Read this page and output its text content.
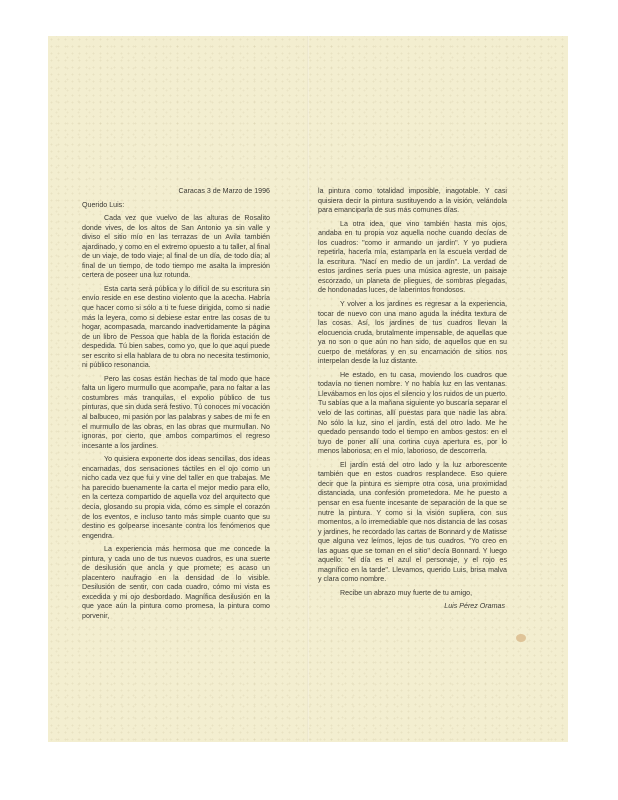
Caracas 3 de Marzo de 1996

Querido Luis:

Cada vez que vuelvo de las alturas de Rosalito donde vives, de los altos de San Antonio ya sin valle y diviso el sitio mío en las terrazas de un Avila también ajardinado, y como en el extremo opuesto a tu taller, al final de un viaje, de todo viaje; al final de un día, de todo día; al final de un tiempo, de todo tiempo me asalta la impresión certera de poseer una luz rotunda.

Esta carta será pública y lo difícil de su escritura sin envío reside en ese destino violento que la acecha. Habría que hacer como si sólo a ti te fuese dirigida, como si nadie más la leyera, como si debiese estar entre las cosas de tu hogar, acompasada, marcando inadvertidamente la página de un libro de Pessoa que habla de la florida estación de despedida. Tú bien sabes, como yo, que lo que aquí puede ser escrito si ella hablara de tu obra no necesita testimonio, ni público resonancia.

Pero las cosas están hechas de tal modo que hace falta un ligero murmullo que acompañe, para no faltar a las costumbres más tranquilas, el expolio público de tus pinturas, que sin duda será festivo. Tú conoces mi vocación al balbuceo, mi pasión por las palabras y sabes de mi fe en el murmullo de las obras, en las obras que murmullan. No ignoras, por cierto, que ambos compartimos el regreso incesante a los jardines.

Yo quisiera exponerte dos ideas sencillas, dos ideas encarnadas, dos sensaciones táctiles en el ojo como un nicho cada vez que fui y vine del taller en que trabajas. Me ha parecido buenamente la carta el mejor medio para ello, en la certeza compartido de aquella voz del arquitecto que decía, glosando su propia vida, cómo es simple el corazón de los eventos, e incluso tanto más simple cuanto que su destino es golpearse incesante contra los fenómenos que engendra.

La experiencia más hermosa que me concede la pintura, y cada uno de tus nuevos cuadros, es una suerte de desilusión que ancla y que promete; es acaso un placentero naufragio en la densidad de lo visible. Desilusión de sentir, con cada cuadro, cómo mi vista es excedida y mi ojo desbordado. Magnífica desilusión en la que yace aún la pintura como promesa, la pintura como porvenir,

la pintura como totalidad imposible, inagotable. Y casi quisiera decir la pintura sustituyendo a la visión, velándola para emanciparla de sus más comunes días.

La otra idea, que vino también hasta mis ojos, andaba en tu propia voz aquella noche cuando decías de los cuadros: "como ir armando un jardín". Y yo pudiera repetirla, hacerla mía, estamparla en la escuela verdad de la escritura. "Nací en medio de un jardín". La verdad de estos jardines sería pues una música agreste, un paisaje escorzado, un planeta de pliegues, de sombras plegadas, de hondonadas luces, de laberintos frondosos.

Y volver a los jardines es regresar a la experiencia, tocar de nuevo con una mano aguda la inédita textura de las cosas. Así, los jardines de tus cuadros llevan la elocuencia cruda, brutalmente impensable, de aquellas que ya no son o que aún no han sido, de aquellos que en su cuerpo de metáforas y en su encarnación de sitios nos interpelan desde la luz distante.

He estado, en tu casa, moviendo los cuadros que todavía no tienen nombre. Y no había luz en las ventanas. Llevábamos en los ojos el silencio y los ruidos de un puerto. Tu sabías que a la mañana siguiente yo buscaría separar el velo de las cortinas, allí puestas para que nadie las abra. No sólo la luz, sino el jardín, está del otro lado. Me he quedado pensando todo el tiempo en ambos gestos: en el tuyo de poner allí una cortina cuya apertura es, por lo menos laboriosa; en el mío, laborioso, de descorrerla.

El jardín está del otro lado y la luz arborescente también que en estos cuadros resplandece. Eso quiere decir que la pintura es siempre otra cosa, una proximidad distanciada, una confesión prometedora. Me he puesto a pensar en esa fuente incesante de separación de la que se nutre la pintura. Y como si la visión supliera, con sus momentos, a lo irremediable que nos distancia de las cosas y jardines, he recordado las cartas de Bonnard y de Matisse que alguna vez leímos, lejos de tus cuadros. "Yo creo en las aguas que se toman en el sitio" decía Bonnard. Y luego aquello: "el día es el azul el personaje, y el rojo es magnífico en la tarde". Llevamos, querido Luis, brisa malva y clara como nombre.

Recibe un abrazo muy fuerte de tu amigo,

Luis Pérez Oramas
